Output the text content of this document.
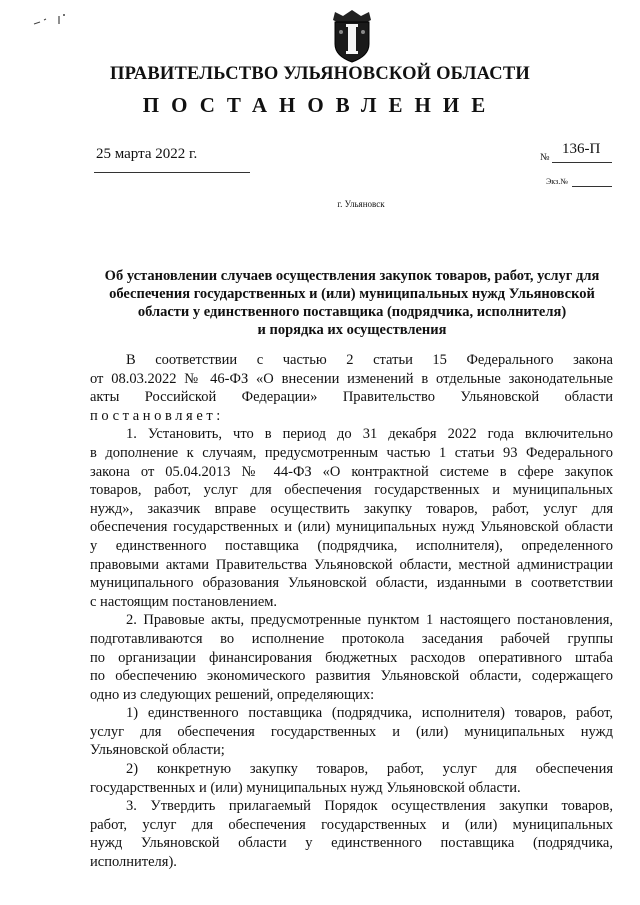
ПРАВИТЕЛЬСТВО УЛЬЯНОВСКОЙ ОБЛАСТИ
ПОСТАНОВЛЕНИЕ
25 марта 2022 г.	136-П
№
Экз.№
г. Ульяновск
Об установлении случаев осуществления закупок товаров, работ, услуг для
обеспечения государственных и (или) муниципальных нужд Ульяновской
области у единственного поставщика (подрядчика, исполнителя)
и порядка их осуществления
В соответствии с частью 2 статьи 15 Федерального закона
от 08.03.2022 № 46-ФЗ «О внесении изменений в отдельные законодательные
акты Российской Федерации» Правительство Ульяновской области
постановляет:
1. Установить, что в период до 31 декабря 2022 года включительно
в дополнение к случаям, предусмотренным частью 1 статьи 93 Федерального
закона от 05.04.2013 № 44-ФЗ «О контрактной системе в сфере закупок
товаров, работ, услуг для обеспечения государственных и муниципальных
нужд», заказчик вправе осуществить закупку товаров, работ, услуг для
обеспечения государственных и (или) муниципальных нужд Ульяновской области
у единственного поставщика (подрядчика, исполнителя), определенного
правовыми актами Правительства Ульяновской области, местной администрации
муниципального образования Ульяновской области, изданными в соответствии
с настоящим постановлением.
2. Правовые акты, предусмотренные пунктом 1 настоящего постановления,
подготавливаются во исполнение протокола заседания рабочей группы
по организации финансирования бюджетных расходов оперативного штаба
по обеспечению экономического развития Ульяновской области, содержащего
одно из следующих решений, определяющих:
1) единственного поставщика (подрядчика, исполнителя) товаров, работ,
услуг для обеспечения государственных и (или) муниципальных нужд
Ульяновской области;
2) конкретную закупку товаров, работ, услуг для обеспечения
государственных и (или) муниципальных нужд Ульяновской области.
3. Утвердить прилагаемый Порядок осуществления закупки товаров,
работ, услуг для обеспечения государственных и (или) муниципальных
нужд Ульяновской области у единственного поставщика (подрядчика,
исполнителя).
